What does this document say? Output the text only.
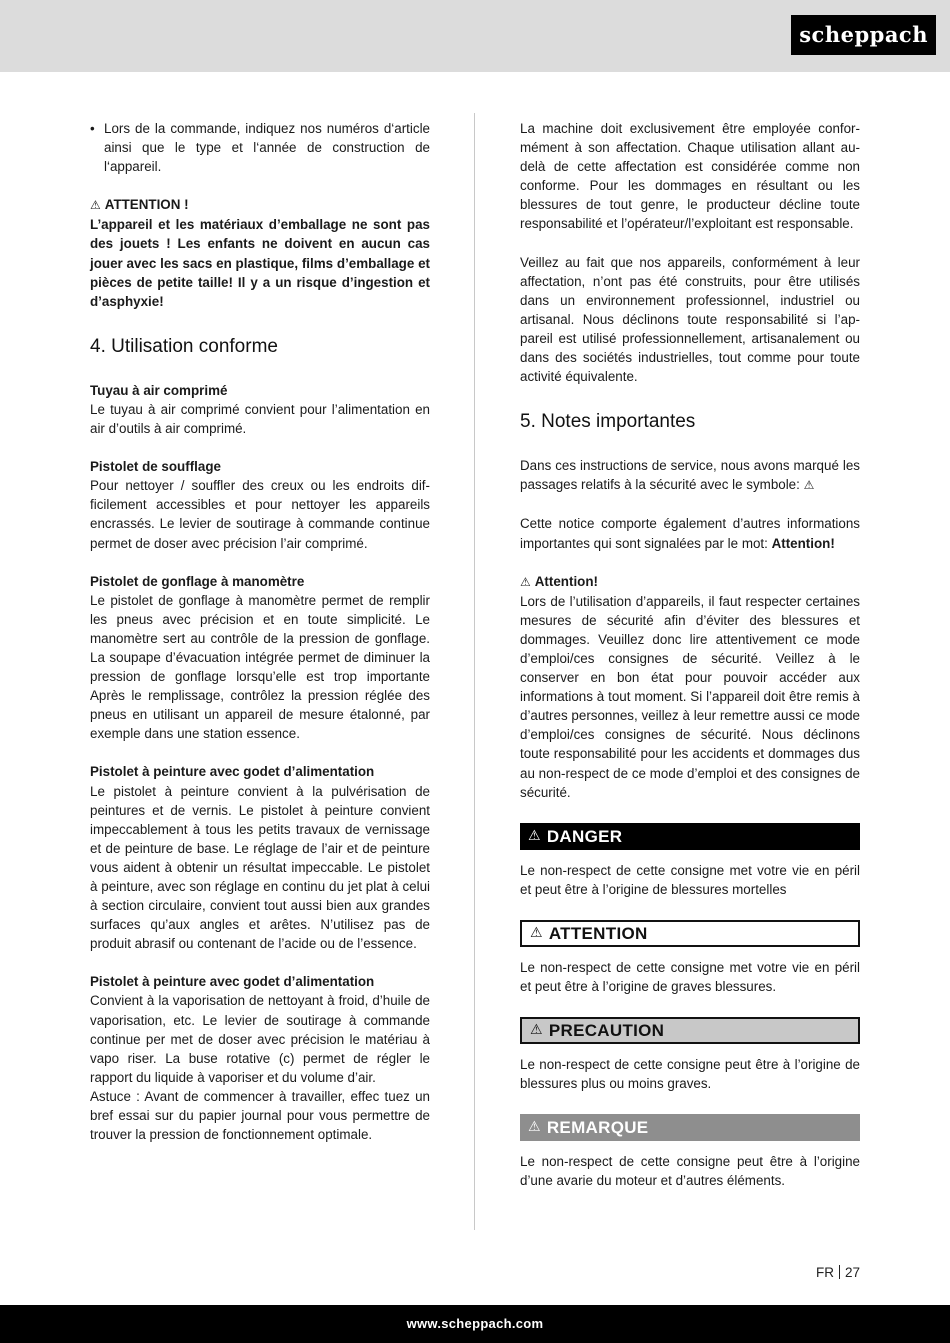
scheppach
• Lors de la commande, indiquez nos numéros d‘article ainsi que le type et l‘année de construction de l‘appareil.

⚠ ATTENTION !

L’appareil et les matériaux d’emballage ne sont pas des jouets ! Les enfants ne doivent en aucun cas jouer avec les sacs en plastique, films d’emballage et pièces de petite taille! Il y a un risque d’ingestion et d’asphyxie!

4. Utilisation conforme

Tuyau à air comprimé

Le tuyau à air comprimé convient pour l’alimentation en air d’outils à air comprimé.

Pistolet de soufflage

Pour nettoyer / souffler des creux ou les endroits difficilement accessibles et pour nettoyer les appareils encrassés. Le levier de soutirage à commande continue permet de doser avec précision l’air comprimé.

Pistolet de gonflage à manomètre

Le pistolet de gonflage à manomètre permet de remplir les pneus avec précision et en toute simplicité. Le manomètre sert au contrôle de la pression de gonflage. La soupape d’évacuation intégrée permet de diminuer la pression de gonflage lorsqu’elle est trop importante Après le remplissage, contrôlez la pression réglée des pneus en utilisant un appareil de mesure étalonné, par exemple dans une station essence.

Pistolet à peinture avec godet d’alimentation

Le pistolet à peinture convient à la pulvérisation de peintures et de vernis. Le pistolet à peinture convient impeccablement à tous les petits travaux de vernissage et de peinture de base. Le réglage de l’air et de peinture vous aident à obtenir un résultat impeccable. Le pistolet à peinture, avec son réglage en continu du jet plat à celui à section circulaire, convient tout aussi bien aux grandes surfaces qu’aux angles et arêtes. N’utilisez pas de produit abrasif ou contenant de l’acide ou de l’essence.

Pistolet à peinture avec godet d’alimentation

Convient à la vaporisation de nettoyant à froid, d’huile de vaporisation, etc. Le levier de soutirage à commande continue per met de doser avec précision le matériau à vapo riser. La buse rotative (c) permet de régler le rapport du liquide à vaporiser et du volume d’air.

Astuce : Avant de commencer à travailler, effec tuez un bref essai sur du papier journal pour vous permettre de trouver la pression de fonctionnement optimale.

La machine doit exclusivement être employée conformément à son affectation. Chaque utilisation allant au-delà de cette affectation est considérée comme non conforme. Pour les dommages en résultant ou les blessures de tout genre, le producteur décline toute responsabilité et l’opérateur/l’exploitant est responsable.

Veillez au fait que nos appareils, conformément à leur affectation, n’ont pas été construits, pour être utilisés dans un environnement professionnel, industriel ou artisanal. Nous déclinons toute responsabilité si l’appareil est utilisé professionnellement, artisanalement ou dans des sociétés industrielles, tout comme pour toute activité équivalente.

5. Notes importantes

Dans ces instructions de service, nous avons marqué les passages relatifs à la sécurité avec le symbole: ⚠

Cette notice comporte également d’autres informations importantes qui sont signalées par le mot: Attention!

⚠ Attention!

Lors de l’utilisation d’appareils, il faut respecter certaines mesures de sécurité afin d’éviter des blessures et dommages. Veuillez donc lire attentivement ce mode d’emploi/ces consignes de sécurité. Veillez à le conserver en bon état pour pouvoir accéder aux informations à tout moment. Si l’appareil doit être remis à d’autres personnes, veillez à leur remettre aussi ce mode d’emploi/ces consignes de sécurité. Nous déclinons toute responsabilité pour les accidents et dommages dus au non-respect de ce mode d’emploi et des consignes de sécurité.

⚠ DANGER

Le non-respect de cette consigne met votre vie en péril et peut être à l’origine de blessures mortelles

⚠ ATTENTION

Le non-respect de cette consigne met votre vie en péril et peut être à l’origine de graves blessures.

⚠ PRECAUTION

Le non-respect de cette consigne peut être à l’origine de blessures plus ou moins graves.

⚠ REMARQUE

Le non-respect de cette consigne peut être à l’origine d’une avarie du moteur et d’autres éléments.

FR 27
www.scheppach.com
